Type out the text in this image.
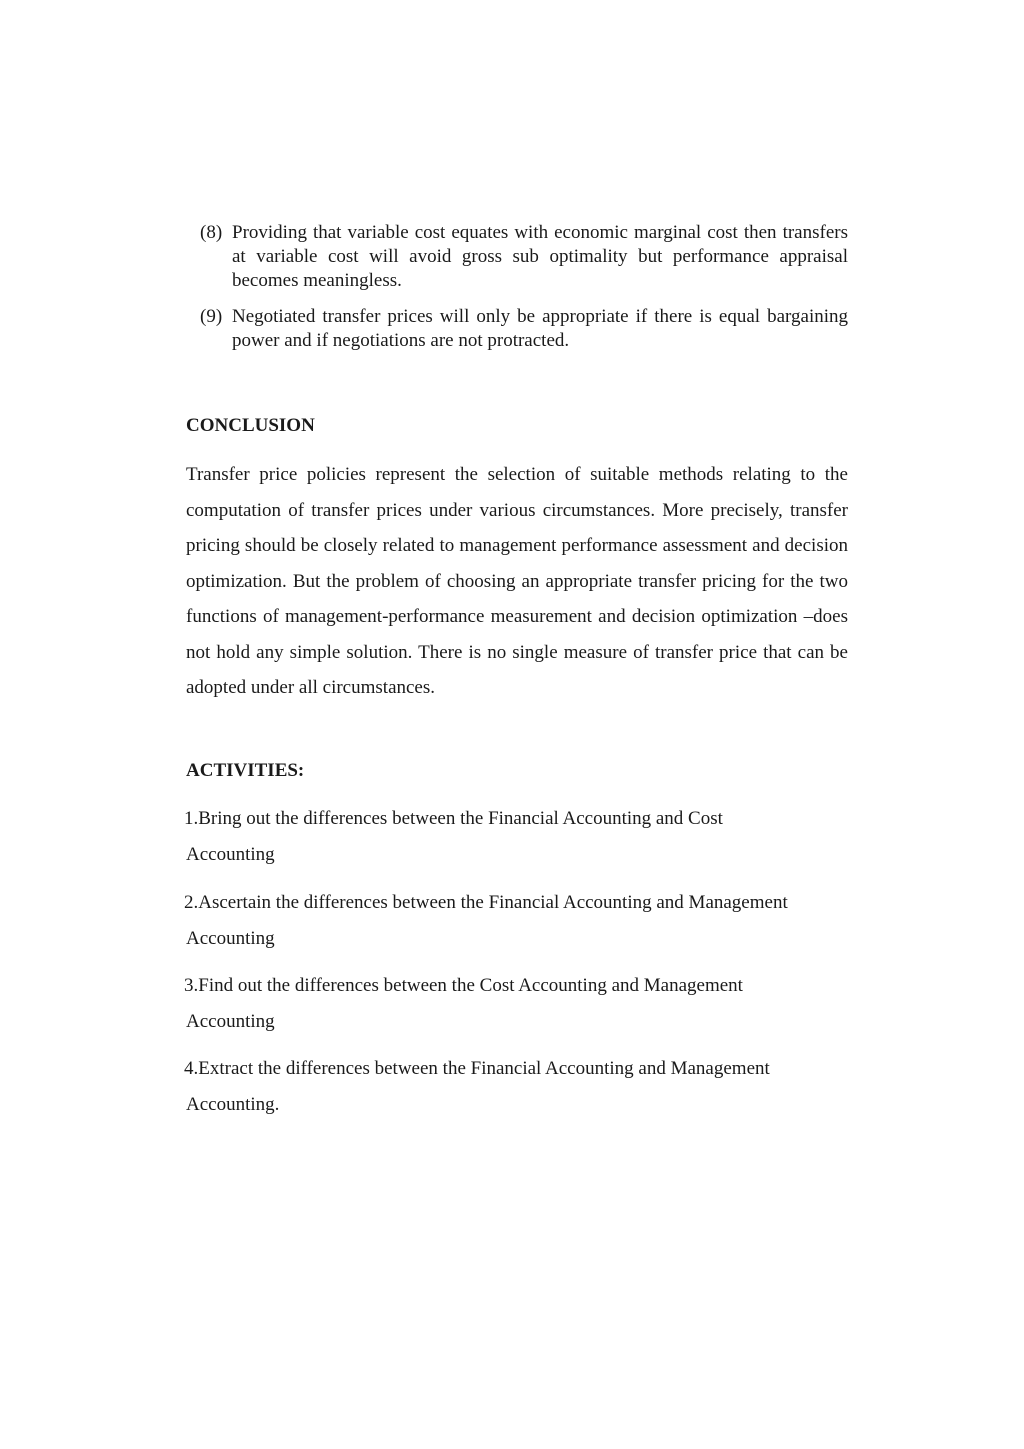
(8) Providing that variable cost equates with economic marginal cost then transfers at variable cost will avoid gross sub optimality but performance appraisal becomes meaningless.
(9) Negotiated transfer prices will only be appropriate if there is equal bargaining power and if negotiations are not protracted.
CONCLUSION

Transfer price policies represent the selection of suitable methods relating to the computation of transfer prices under various circumstances. More precisely, transfer pricing should be closely related to management performance assessment and decision optimization. But the problem of choosing an appropriate transfer pricing for the two functions of management-performance measurement and decision optimization –does not hold any simple solution. There is no single measure of transfer price that can be adopted under all circumstances.

ACTIVITIES:
1.Bring out the differences between the Financial Accounting and Cost
Accounting
2.Ascertain the differences between the Financial Accounting and Management
Accounting
3.Find out the differences between the Cost Accounting and Management
Accounting
4.Extract the differences between the Financial Accounting and Management
Accounting.
